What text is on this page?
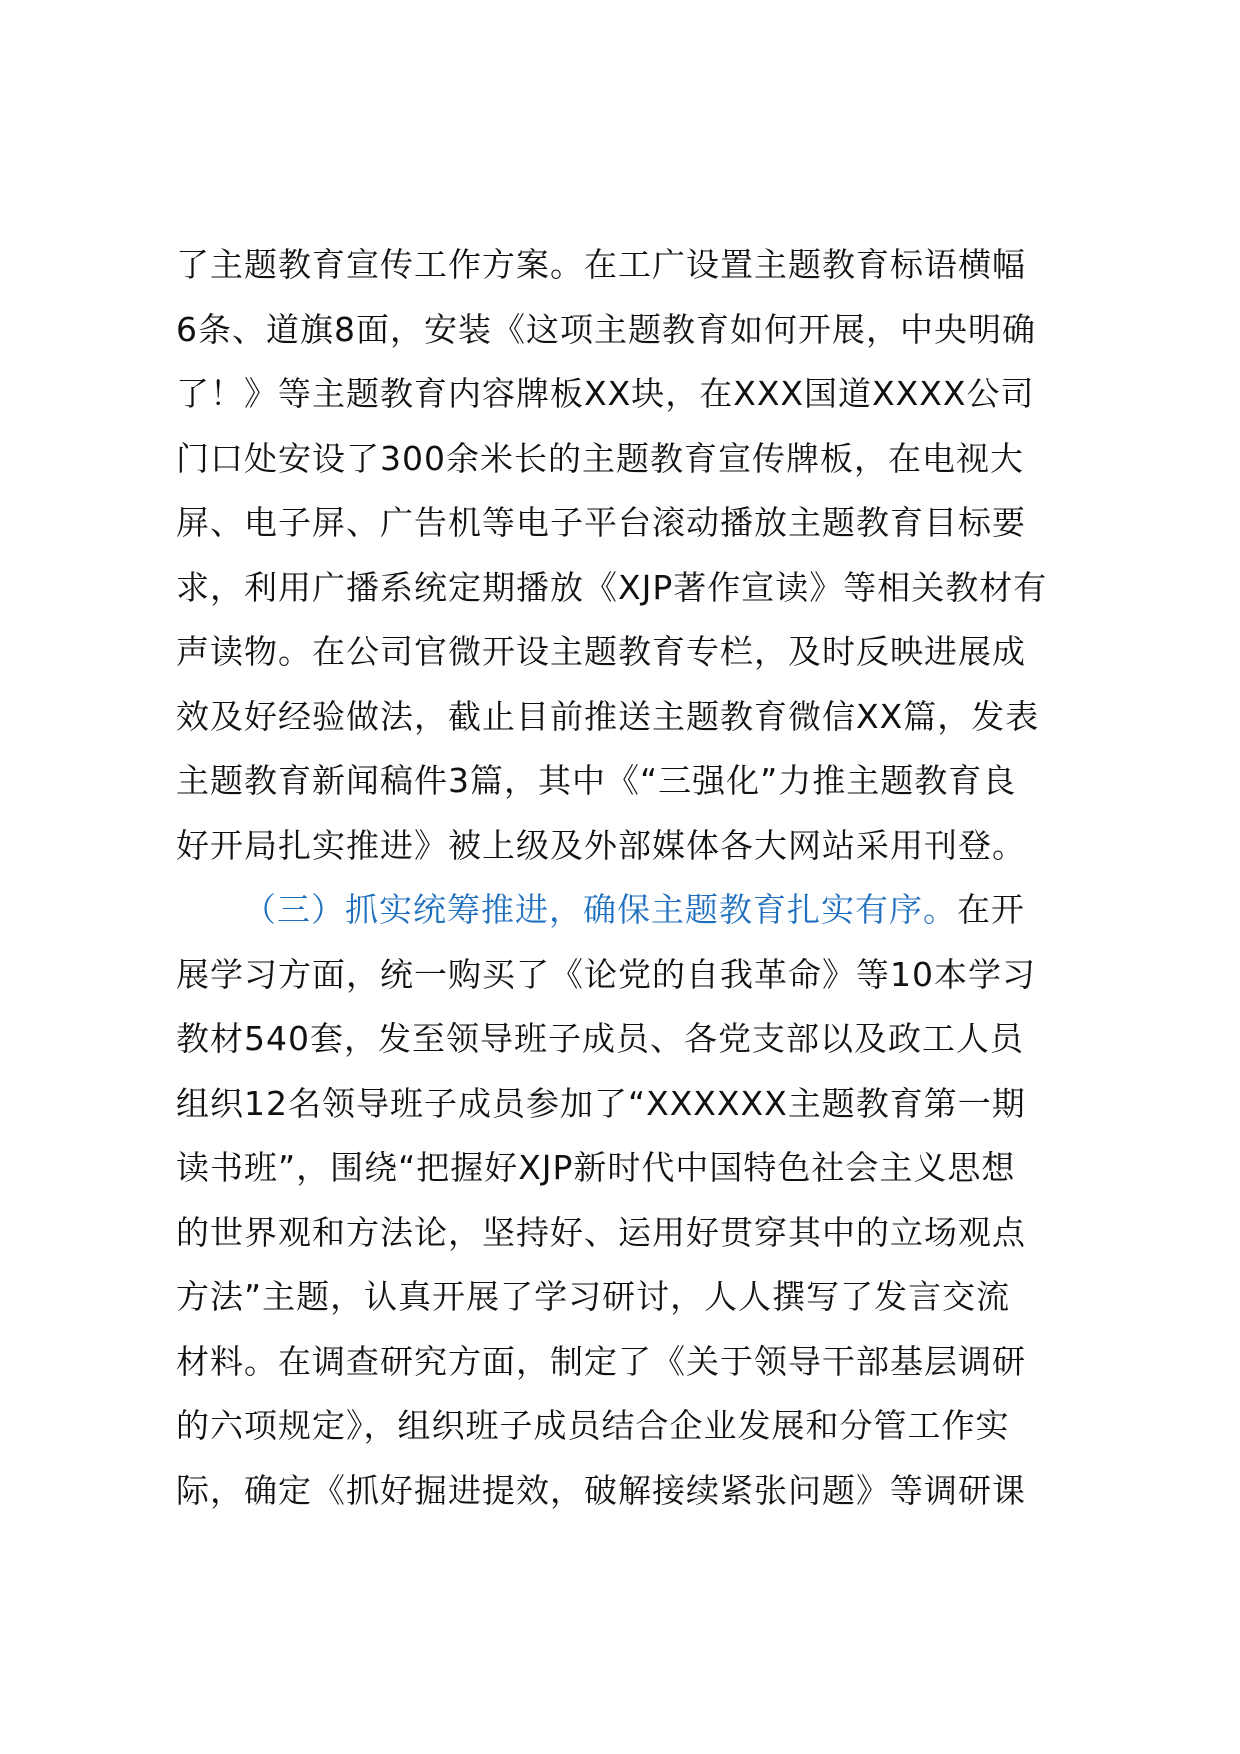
了主题教育宣传工作方案。在工广设置主题教育标语横幅
6条、道旗8面，安装《这项主题教育如何开展，中央明确
了！》等主题教育内容牌板XX块，在XXX国道XXXX公司
门口处安设了300余米长的主题教育宣传牌板，在电视大
屏、电子屏、广告机等电子平台滚动播放主题教育目标要
求，利用广播系统定期播放《XJP著作宣读》等相关教材有
声读物。在公司官微开设主题教育专栏，及时反映进展成
效及好经验做法，截止目前推送主题教育微信XX篇，发表
主题教育新闻稿件3篇，其中《“三强化”力推主题教育良
好开局扎实推进》被上级及外部媒体各大网站采用刊登。
（三）抓实统筹推进，确保主题教育扎实有序。在开
展学习方面，统一购买了《论党的自我革命》等10本学习
教材540套，发至领导班子成员、各党支部以及政工人员
组织12名领导班子成员参加了“XXXXXX主题教育第一期
读书班”，围绕“把握好XJP新时代中国特色社会主义思想
的世界观和方法论，坚持好、运用好贯穿其中的立场观点
方法”主题，认真开展了学习研讨，人人撰写了发言交流
材料。在调查研究方面，制定了《关于领导干部基层调研
的六项规定》，组织班子成员结合企业发展和分管工作实
际，确定《抓好掘进提效，破解接续紧张问题》等调研课
